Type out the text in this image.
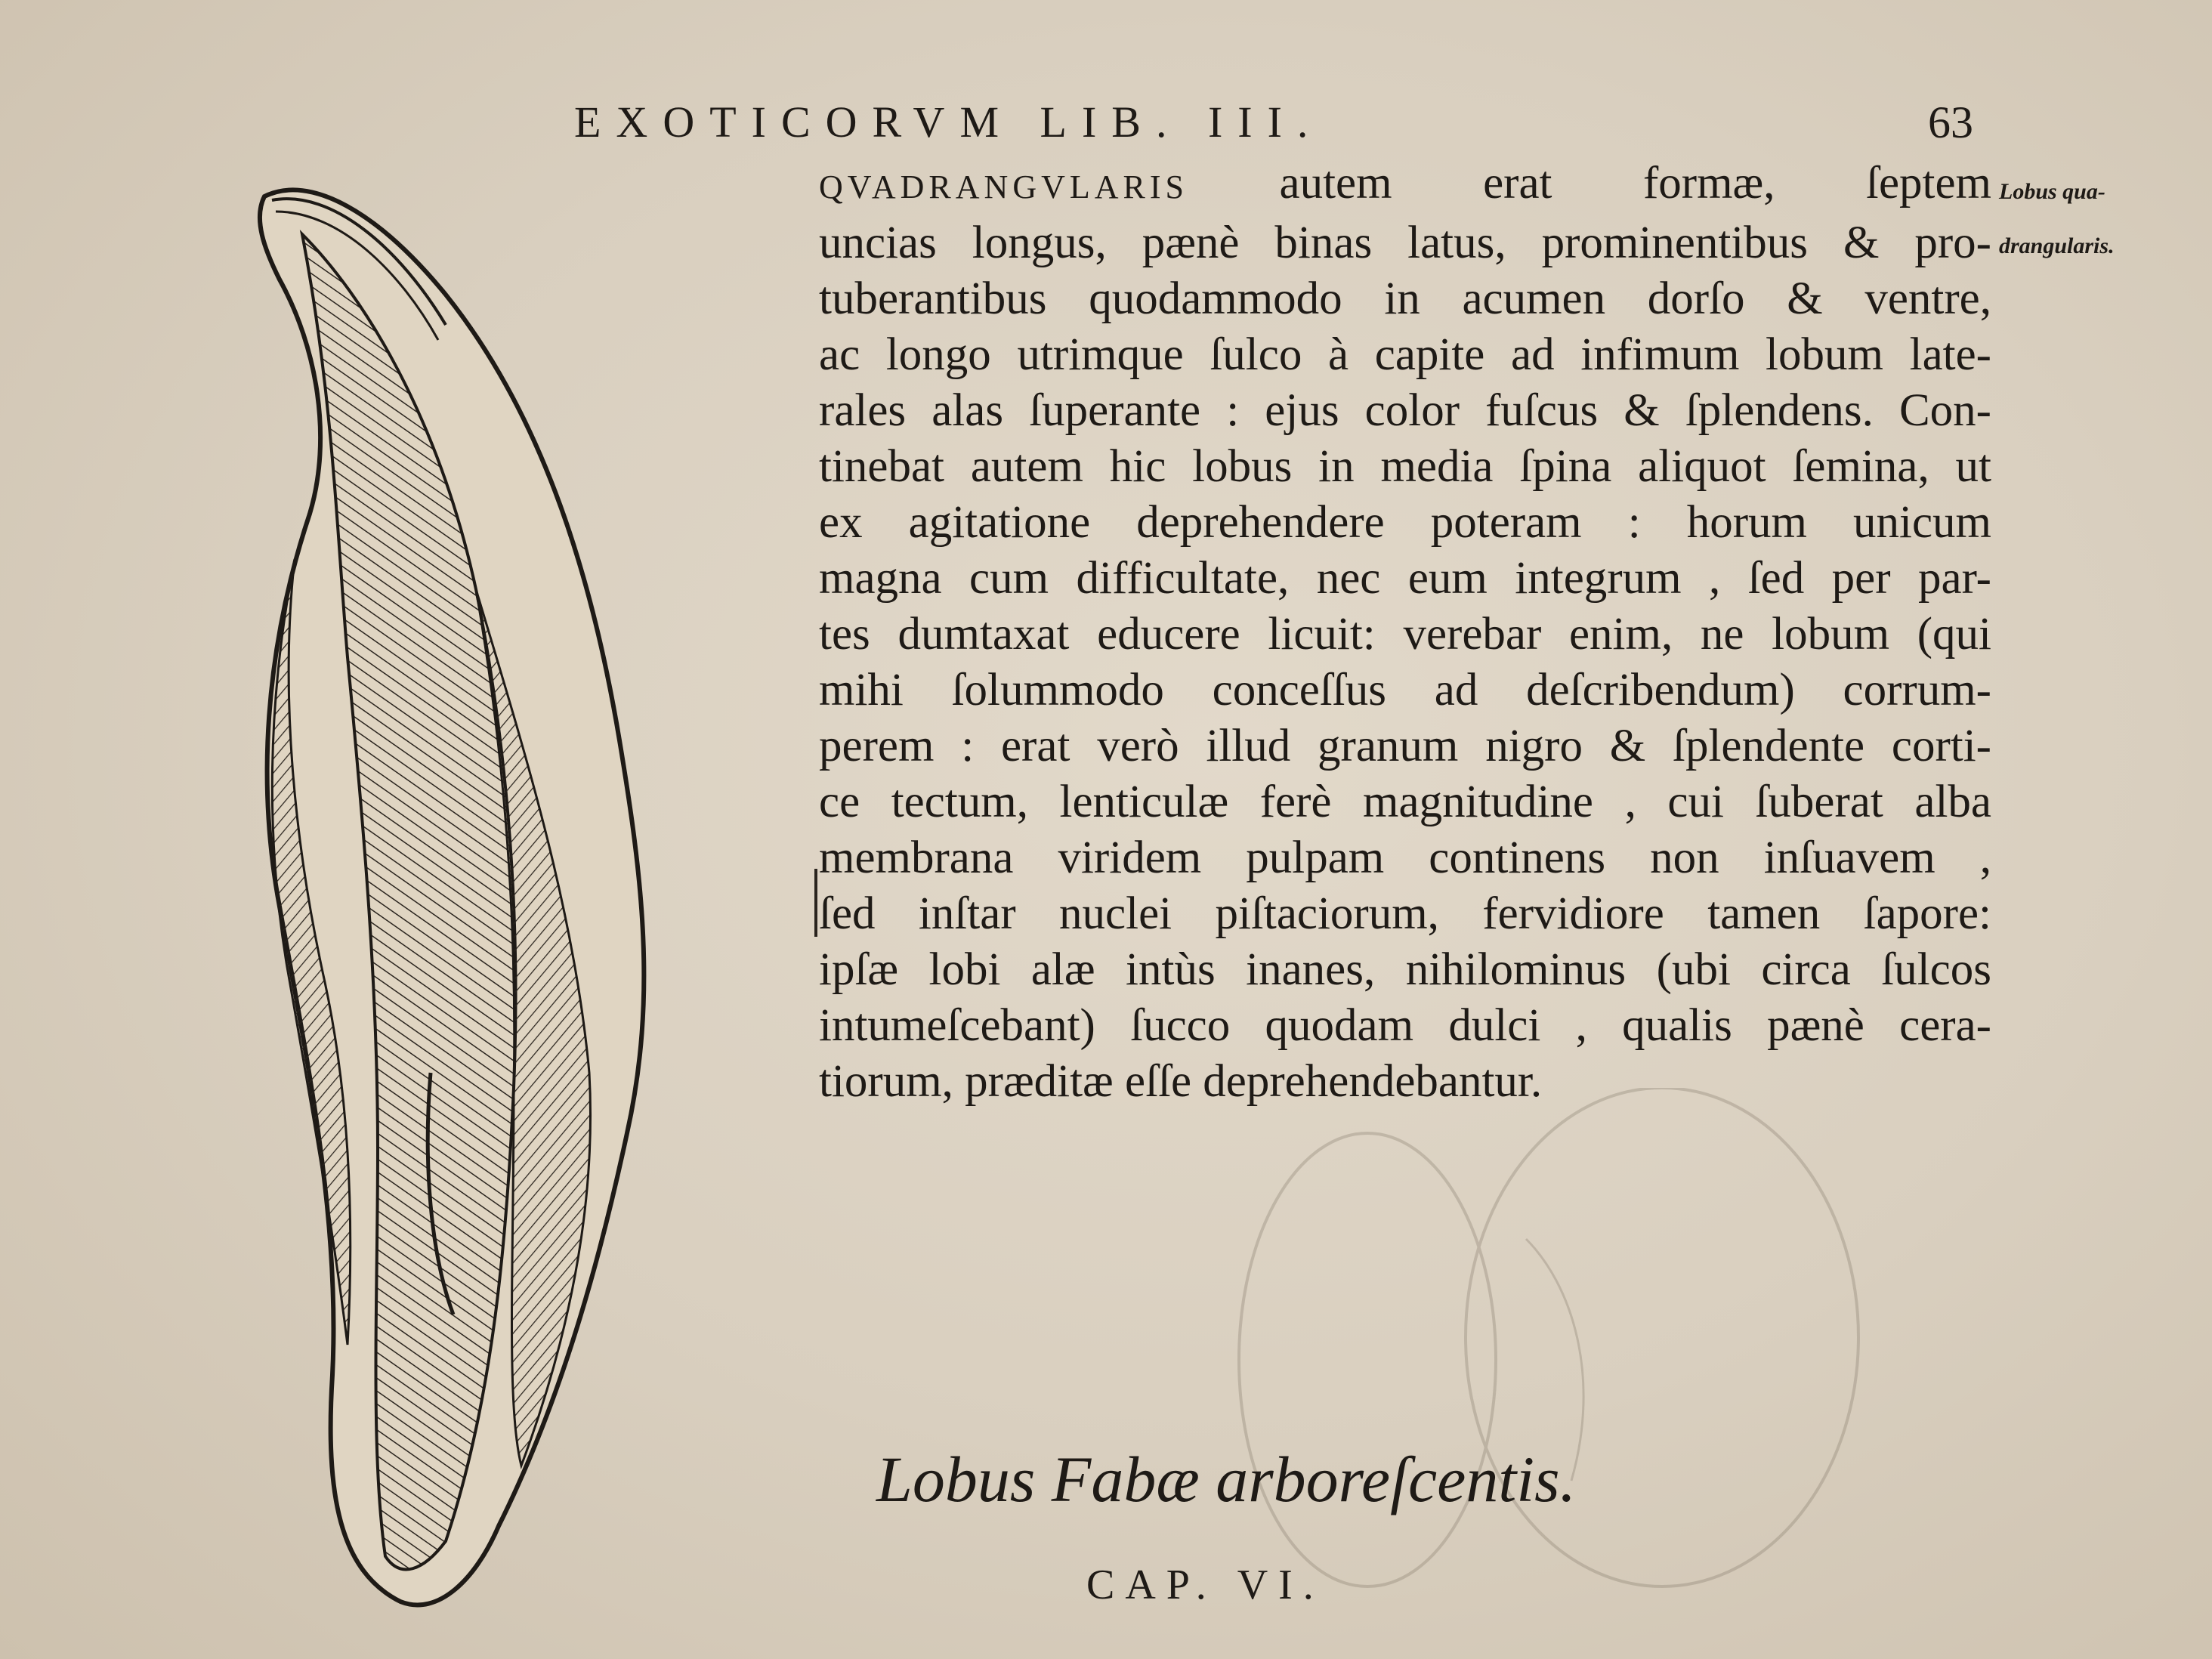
EXOTICORVM LIB. III.	63
Lobus qua-
drangularis.
QVADRANGVLARIS autem erat formæ, ſeptem
uncias longus, pænè binas latus, prominentibus & pro-
tuberantibus quodammodo in acumen dorſo & ventre,
ac longo utrimque ſulco à capite ad infimum lobum late-
rales alas ſuperante : ejus color fuſcus & ſplendens. Con-
tinebat autem hic lobus in media ſpina aliquot ſemina, ut
ex agitatione deprehendere poteram : horum unicum
magna cum difficultate, nec eum integrum , ſed per par-
tes dumtaxat educere licuit: verebar enim, ne lobum (qui
mihi ſolummodo conceſſus ad deſcribendum) corrum-
perem : erat verò illud granum nigro & ſplendente corti-
ce tectum, lenticulæ ferè magnitudine , cui ſuberat alba
membrana viridem pulpam continens non inſuavem ,
ſed inſtar nuclei piſtaciorum, fervidiore tamen ſapore:
ipſæ lobi alæ intùs inanes, nihilominus (ubi circa ſulcos
intumeſcebant) ſucco quodam dulci , qualis pænè cera-
tiorum, præditæ eſſe deprehendebantur.
Lobus Fabæ arboreſcentis.
CAP. VI.
